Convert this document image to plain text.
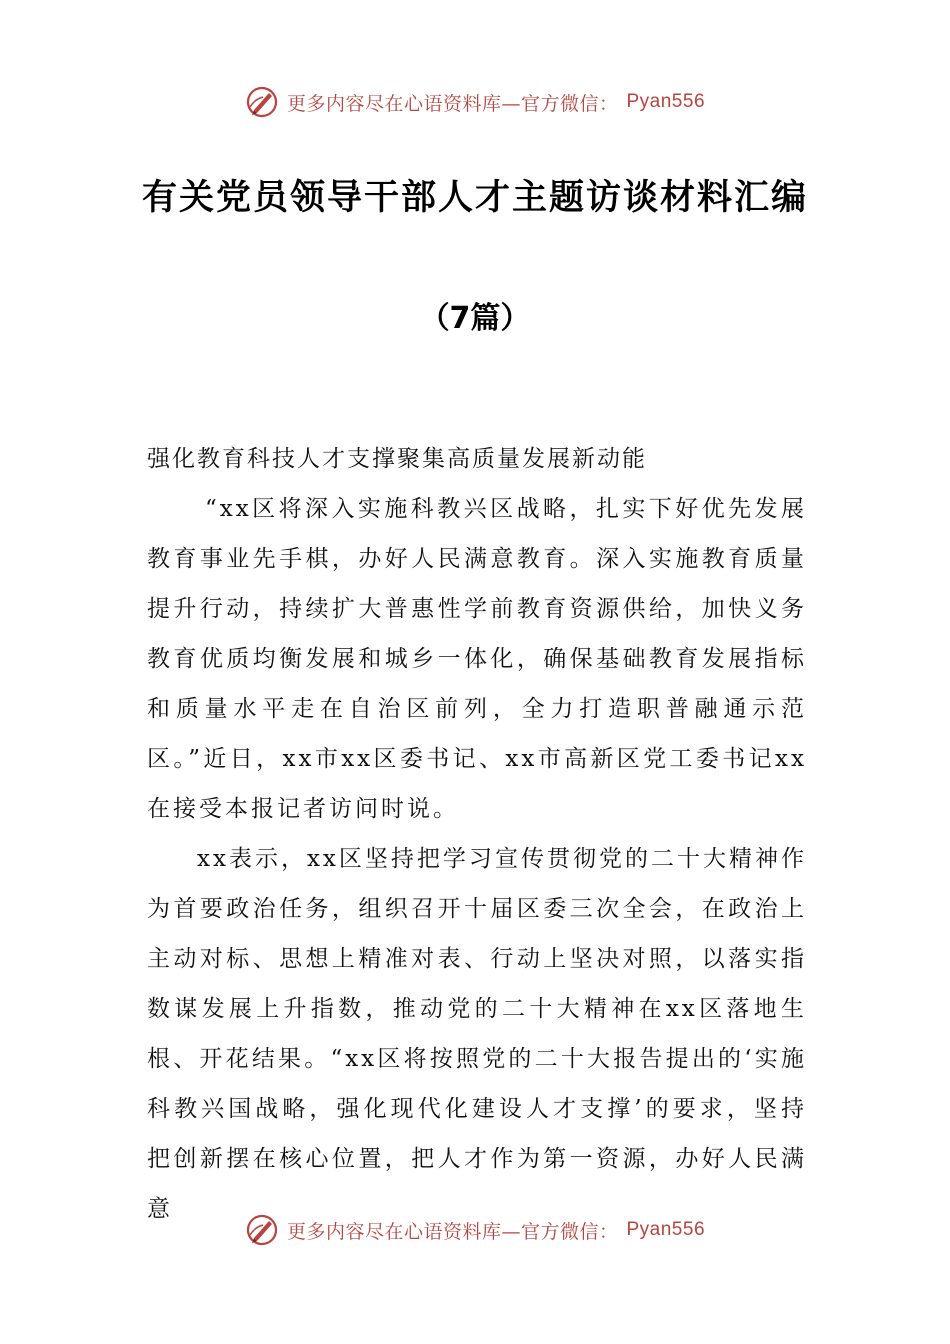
更多内容尽在心语资料库—官方微信： Pyan556
有关党员领导干部人才主题访谈材料汇编
（7篇）

强化教育科技人才支撑聚集高质量发展新动能

“xx区将深入实施科教兴区战略，扎实下好优先发展教育事业先手棋，办好人民满意教育。深入实施教育质量提升行动，持续扩大普惠性学前教育资源供给，加快义务教育优质均衡发展和城乡一体化，确保基础教育发展指标和质量水平走在自治区前列，全力打造职普融通示范区。”近日，xx市xx区委书记、xx市高新区党工委书记xx在接受本报记者访问时说。

xx表示，xx区坚持把学习宣传贯彻党的二十大精神作为首要政治任务，组织召开十届区委三次全会，在政治上主动对标、思想上精准对表、行动上坚决对照，以落实指数谋发展上升指数，推动党的二十大精神在xx区落地生根、开花结果。“xx区将按照党的二十大报告提出的‘实施科教兴国战略，强化现代化建设人才支撑’的要求，坚持把创新摆在核心位置，把人才作为第一资源，办好人民满意

更多内容尽在心语资料库—官方微信： Pyan556
